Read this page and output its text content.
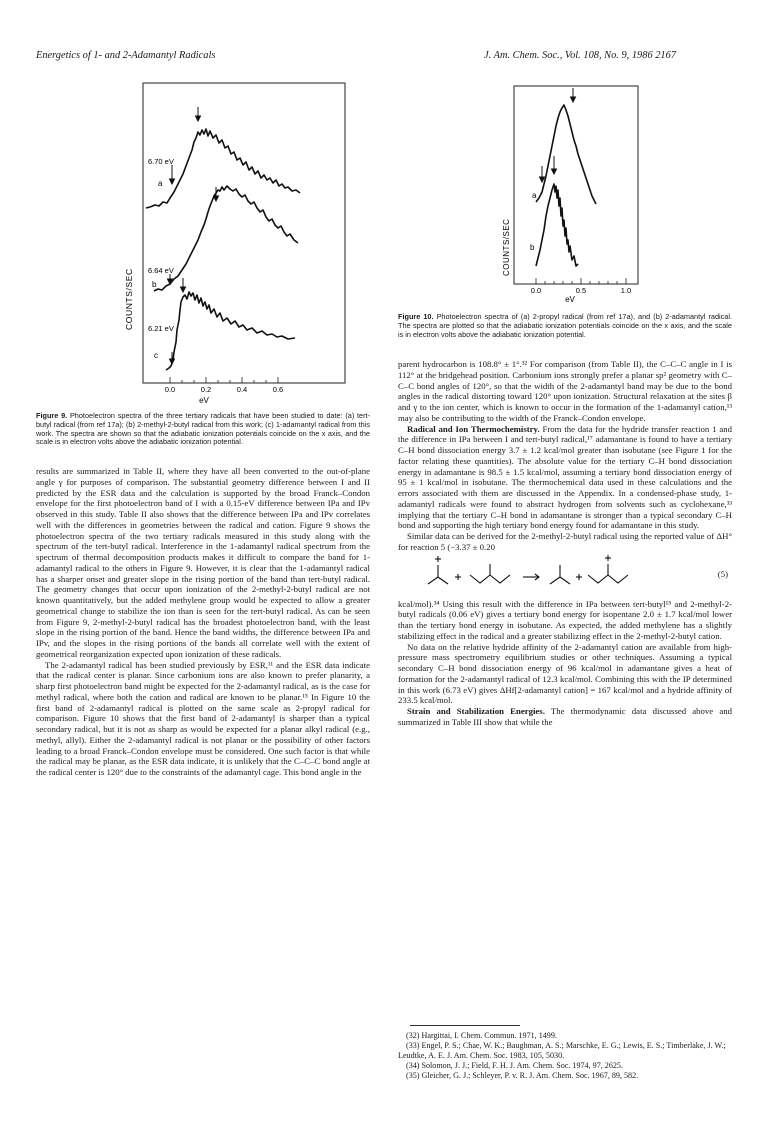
Energetics of 1- and 2-Adamantyl Radicals	J. Am. Chem. Soc., Vol. 108, No. 9, 1986 2167
0.0	0.2	0.4	0.6
eV
COUNTS/SEC
6.70 eV
a
6.64 eV
b
6.21 eV
c
Figure 9. Photoelectron spectra of the three tertiary radicals that have been studied to date: (a) tert-butyl radical (from ref 17a); (b) 2-methyl-2-butyl radical from this work; (c) 1-adamantyl radical from this work. The spectra are shown so that the adiabatic ionization potentials coincide on the x axis, and the scale is in electron volts above the adiabatic ionization potential.
0.0	0.5	1.0
eV
COUNTS/SEC
a
b
Figure 10. Photoelectron spectra of (a) 2-propyl radical (from ref 17a), and (b) 2-adamantyl radical. The spectra are plotted so that the adiabatic ionization potentials coincide on the x axis, and the scale is in electron volts above the adiabatic ionization potential.

results are summarized in Table II, where they have all been converted to the out-of-plane angle γ for purposes of comparison. The substantial geometry difference between I and II predicted by the ESR data and the calculation is supported by the broad Franck–Condon envelope for the first photoelectron band of I with a 0.15-eV difference between IPa and IPv observed in this study. Table II also shows that the difference between IPa and IPv correlates well with the differences in geometries between the radical and cation. Figure 9 shows the photoelectron spectra of the two tertiary radicals measured in this study along with the spectrum of the tert-butyl radical. Interference in the 1-adamantyl radical spectrum from the spectrum of thermal decomposition products makes it difficult to compare the band for 1-adamantyl radical to the others in Figure 9. However, it is clear that the 1-adamantyl radical has a sharper onset and greater slope in the rising portion of the band than tert-butyl radical. The geometry changes that occur upon ionization of the 2-methyl-2-butyl radical are not known quantitatively, but the added methylene group would be expected to allow a greater geometrical change to stabilize the ion than is seen for the tert-butyl radical. As can be seen from Figure 9, 2-methyl-2-butyl radical has the broadest photoelectron band, with the least slope in the rising portion of the band. Hence the band widths, the difference between IPa and IPv, and the slopes in the rising portions of the bands all correlate well with the extent of geometrical reorganization expected upon ionization of these radicals.

The 2-adamantyl radical has been studied previously by ESR,¹¹ and the ESR data indicate that the radical center is planar. Since carbonium ions are also known to prefer planarity, a sharp first photoelectron band might be expected for the 2-adamantyl radical, as is the case for methyl radical, where both the cation and radical are known to be planar.¹⁵ In Figure 10 the first band of 2-adamantyl radical is plotted on the same scale as 2-propyl radical for comparison. Figure 10 shows that the first band of 2-adamantyl is sharper than a typical secondary radical, but it is not as sharp as would be expected for a planar alkyl radical (e.g., methyl, allyl). Either the 2-adamantyl radical is not planar or the possibility of other factors leading to a broad Franck–Condon envelope must be considered. One such factor is that while the radical may be planar, as the ESR data indicate, it is unlikely that the C–C–C bond angle at the radical center is 120° due to the constraints of the adamantyl cage. This bond angle in the

parent hydrocarbon is 108.8° ± 1°.³² For comparison (from Table II), the C–C–C angle in I is 112° at the bridgehead position. Carbonium ions strongly prefer a planar sp² geometry with C–C–C bond angles of 120°, so that the width of the 2-adamantyl band may be due to the bond angles in the radical distorting toward 120° upon ionization. Structural relaxation at the sites β and γ to the ion center, which is known to occur in the formation of the 1-adamantyl cation,¹³ may also be contributing to the width of the Franck–Condon envelope.

Radical and Ion Thermochemistry. From the data for the hydride transfer reaction 1 and the difference in IPa between I and tert-butyl radical,¹⁷ adamantane is found to have a tertiary C–H bond dissociation energy 3.7 ± 1.2 kcal/mol greater than isobutane (see Figure 1 for the factor relating these quantities). The absolute value for the tertiary C–H bond dissociation energy in adamantane is 98.5 ± 1.5 kcal/mol, assuming a tertiary bond dissociation energy of 95 ± 1 kcal/mol in isobutane. The thermochemical data used in these calculations and the errors associated with them are discussed in the Appendix. In a condensed-phase study, 1-adamantyl radicals were found to abstract hydrogen from solvents such as cyclohexane,³³ implying that the tertiary C–H bond in adamantane is stronger than a typical secondary C–H bond and supporting the high tertiary bond energy found for adamantane in this study.

Similar data can be derived for the 2-methyl-2-butyl radical using the reported value of ΔH° for reaction 5 (−3.37 ± 0.20

(5)

kcal/mol).³⁴ Using this result with the difference in IPa between tert-butyl¹⁵ and 2-methyl-2-butyl radicals (0.06 eV) gives a tertiary bond energy for isopentane 2.0 ± 1.7 kcal/mol lower than the tertiary bond energy in isobutane. As expected, the added methylene has a slightly stabilizing effect in the radical and a greater stabilizing effect in the 2-methyl-2-butyl cation.

No data on the relative hydride affinity of the 2-adamantyl cation are available from high-pressure mass spectrometry equilibrium studies or other techniques. Assuming a typical secondary C–H bond dissociation energy of 96 kcal/mol in adamantane gives a heat of formation for the 2-adamantyl radical of 12.3 kcal/mol. Combining this with the IP determined in this work (6.73 eV) gives ΔHf[2-adamantyl cation] = 167 kcal/mol and a hydride affinity of 233.5 kcal/mol.

Strain and Stabilization Energies. The thermodynamic data discussed above and summarized in Table III show that while the

(32) Hargittai, I. Chem. Commun. 1971, 1499.
(33) Engel, P. S.; Chae, W. K.; Baughman, A. S.; Marschke, E. G.; Lewis, E. S.; Timberlake, J. W.; Leudtke, A. E. J. Am. Chem. Soc. 1983, 105, 5030.
(34) Solomon, J. J.; Field, F. H. J. Am. Chem. Soc. 1974, 97, 2625.
(35) Gleicher, G. J.; Schleyer, P. v. R. J. Am. Chem. Soc. 1967, 89, 582.
